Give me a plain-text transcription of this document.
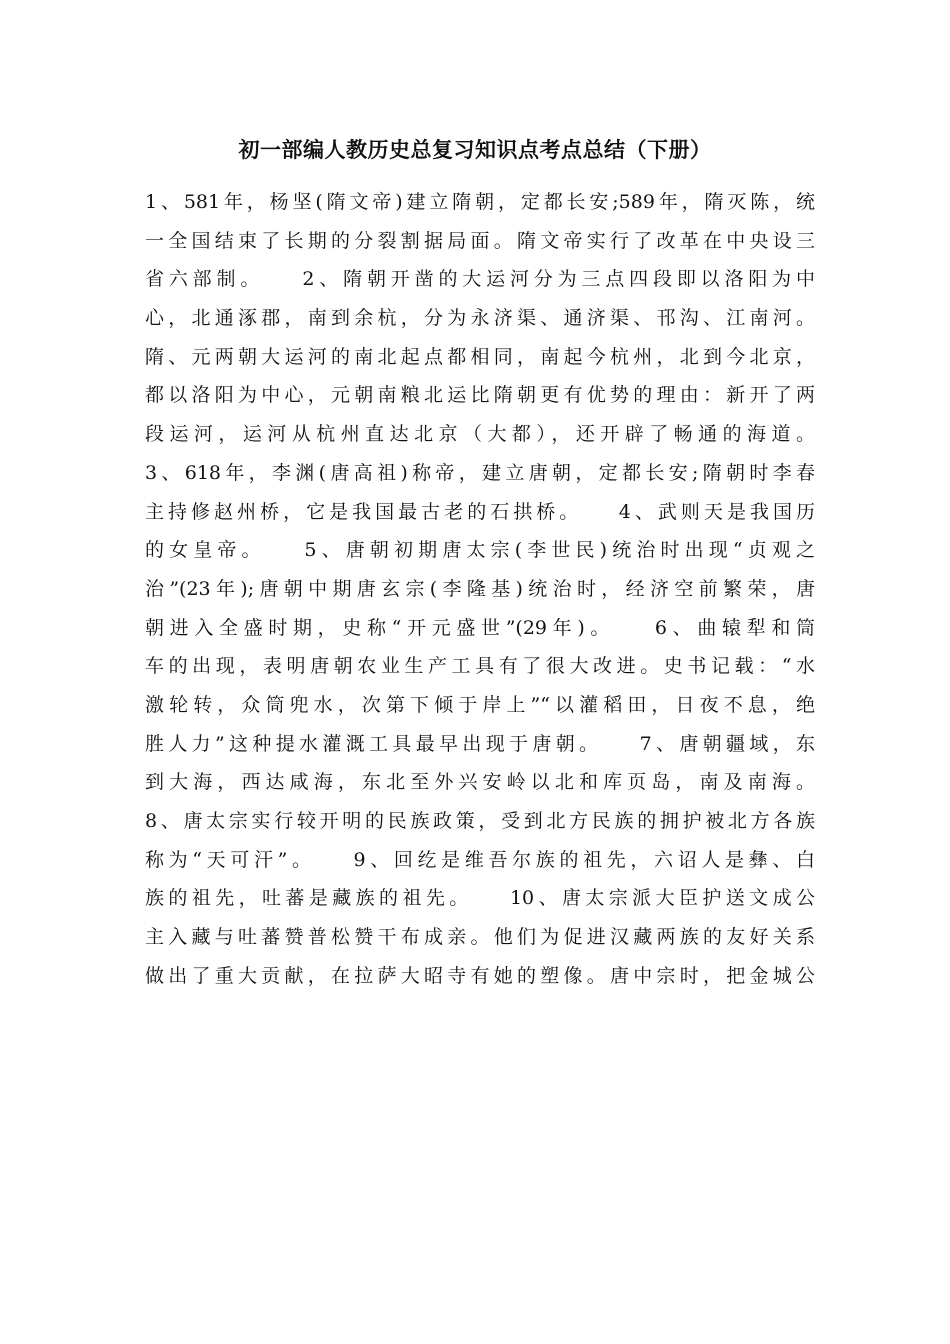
初一部编人教历史总复习知识点考点总结（下册）
1、581年，杨坚(隋文帝)建立隋朝，定都长安;589年，隋灭陈，统
一全国结束了长期的分裂割据局面。隋文帝实行了改革在中央设三
省六部制。　　2、隋朝开凿的大运河分为三点四段即以洛阳为中
心，北通涿郡，南到余杭，分为永济渠、通济渠、邗沟、江南河。
隋、元两朝大运河的南北起点都相同，南起今杭州，北到今北京，
都以洛阳为中心，元朝南粮北运比隋朝更有优势的理由：新开了两
段运河，运河从杭州直达北京（大都），还开辟了畅通的海道。
3、618年，李渊(唐高祖)称帝，建立唐朝，定都长安;隋朝时李春
主持修赵州桥，它是我国最古老的石拱桥。　　4、武则天是我国历
的女皇帝。　　5、唐朝初期唐太宗(李世民)统治时出现“贞观之
治”(23年);唐朝中期唐玄宗(李隆基)统治时，经济空前繁荣，唐
朝进入全盛时期，史称“开元盛世”(29年)。　　6、曲辕犁和筒
车的出现，表明唐朝农业生产工具有了很大改进。史书记载：“水
激轮转，众筒兜水，次第下倾于岸上”“以灌稻田，日夜不息，绝
胜人力”这种提水灌溉工具最早出现于唐朝。　　7、唐朝疆域，东
到大海，西达咸海，东北至外兴安岭以北和库页岛，南及南海。
8、唐太宗实行较开明的民族政策，受到北方民族的拥护被北方各族
称为“天可汗”。　　9、回纥是维吾尔族的祖先，六诏人是彝、白
族的祖先，吐蕃是藏族的祖先。　　10、唐太宗派大臣护送文成公
主入藏与吐蕃赞普松赞干布成亲。他们为促进汉藏两族的友好关系
做出了重大贡献，在拉萨大昭寺有她的塑像。唐中宗时，把金城公
